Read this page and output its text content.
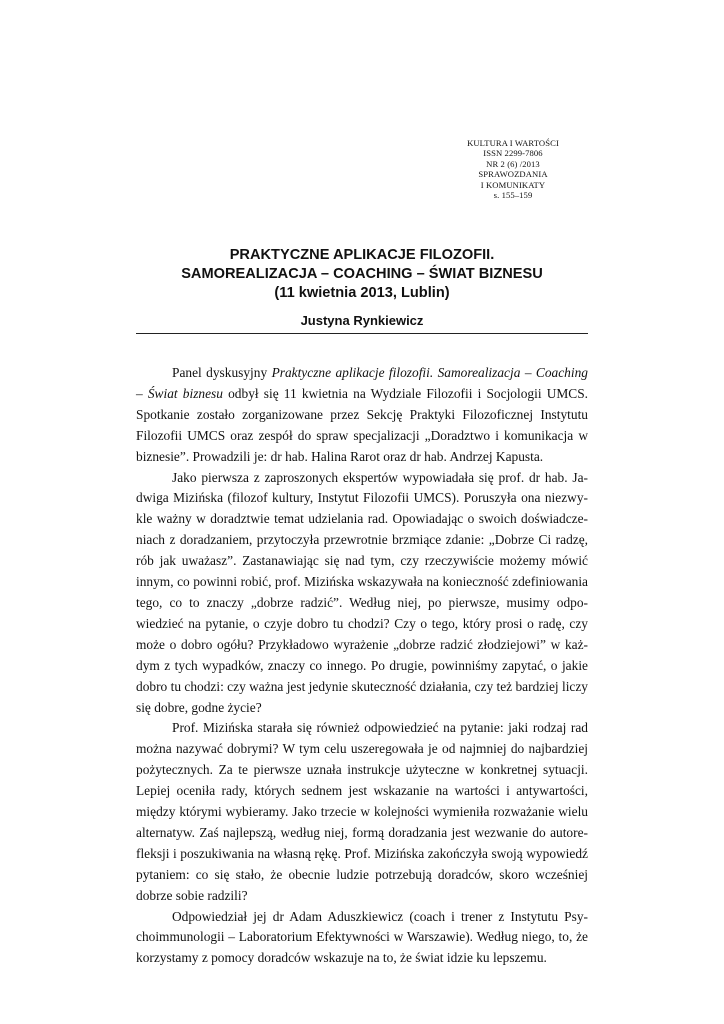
KULTURA I WARTOŚCI
ISSN 2299-7806
NR 2 (6) /2013
SPRAWOZDANIA
I KOMUNIKATY
s. 155–159
PRAKTYCZNE APLIKACJE FILOZOFII.
SAMOREALIZACJA – COACHING – ŚWIAT BIZNESU
(11 kwietnia 2013, Lublin)
Justyna Rynkiewicz

Panel dyskusyjny Praktyczne aplikacje filozofii. Samorealizacja – Coaching – Świat biznesu odbył się 11 kwietnia na Wydziale Filozofii i Socjologii UMCS. Spotkanie zostało zorganizowane przez Sekcję Praktyki Filozoficznej Instytutu Filozofii UMCS oraz zespół do spraw specjalizacji „Doradztwo i komunikacja w biznesie”. Prowadzili je: dr hab. Halina Rarot oraz dr hab. Andrzej Kapusta.

Jako pierwsza z zaproszonych ekspertów wypowiadała się prof. dr hab. Jadwiga Mizińska (filozof kultury, Instytut Filozofii UMCS). Poruszyła ona niezwykle ważny w doradztwie temat udzielania rad. Opowiadając o swoich doświadczeniach z doradzaniem, przytoczyła przewrotnie brzmiące zdanie: „Dobrze Ci radzę, rób jak uważasz”. Zastanawiając się nad tym, czy rzeczywiście możemy mówić innym, co powinni robić, prof. Mizińska wskazywała na konieczność zdefiniowania tego, co to znaczy „dobrze radzić”. Według niej, po pierwsze, musimy odpowiedzieć na pytanie, o czyje dobro tu chodzi? Czy o tego, który prosi o radę, czy może o dobro ogółu? Przykładowo wyrażenie „dobrze radzić złodziejowi” w każdym z tych wypadków, znaczy co innego. Po drugie, powinniśmy zapytać, o jakie dobro tu chodzi: czy ważna jest jedynie skuteczność działania, czy też bardziej liczy się dobre, godne życie?

Prof. Mizińska starała się również odpowiedzieć na pytanie: jaki rodzaj rad można nazywać dobrymi? W tym celu uszeregowała je od najmniej do najbardziej pożytecznych. Za te pierwsze uznała instrukcje użyteczne w konkretnej sytuacji. Lepiej oceniła rady, których sednem jest wskazanie na wartości i antywartości, między którymi wybieramy. Jako trzecie w kolejności wymieniła rozważanie wielu alternatyw. Zaś najlepszą, według niej, formą doradzania jest wezwanie do autorefleksji i poszukiwania na własną rękę. Prof. Mizińska zakończyła swoją wypowiedź pytaniem: co się stało, że obecnie ludzie potrzebują doradców, skoro wcześniej dobrze sobie radzili?

Odpowiedział jej dr Adam Aduszkiewicz (coach i trener z Instytutu Psychoimmunologii – Laboratorium Efektywności w Warszawie). Według niego, to, że korzystamy z pomocy doradców wskazuje na to, że świat idzie ku lepszemu.
